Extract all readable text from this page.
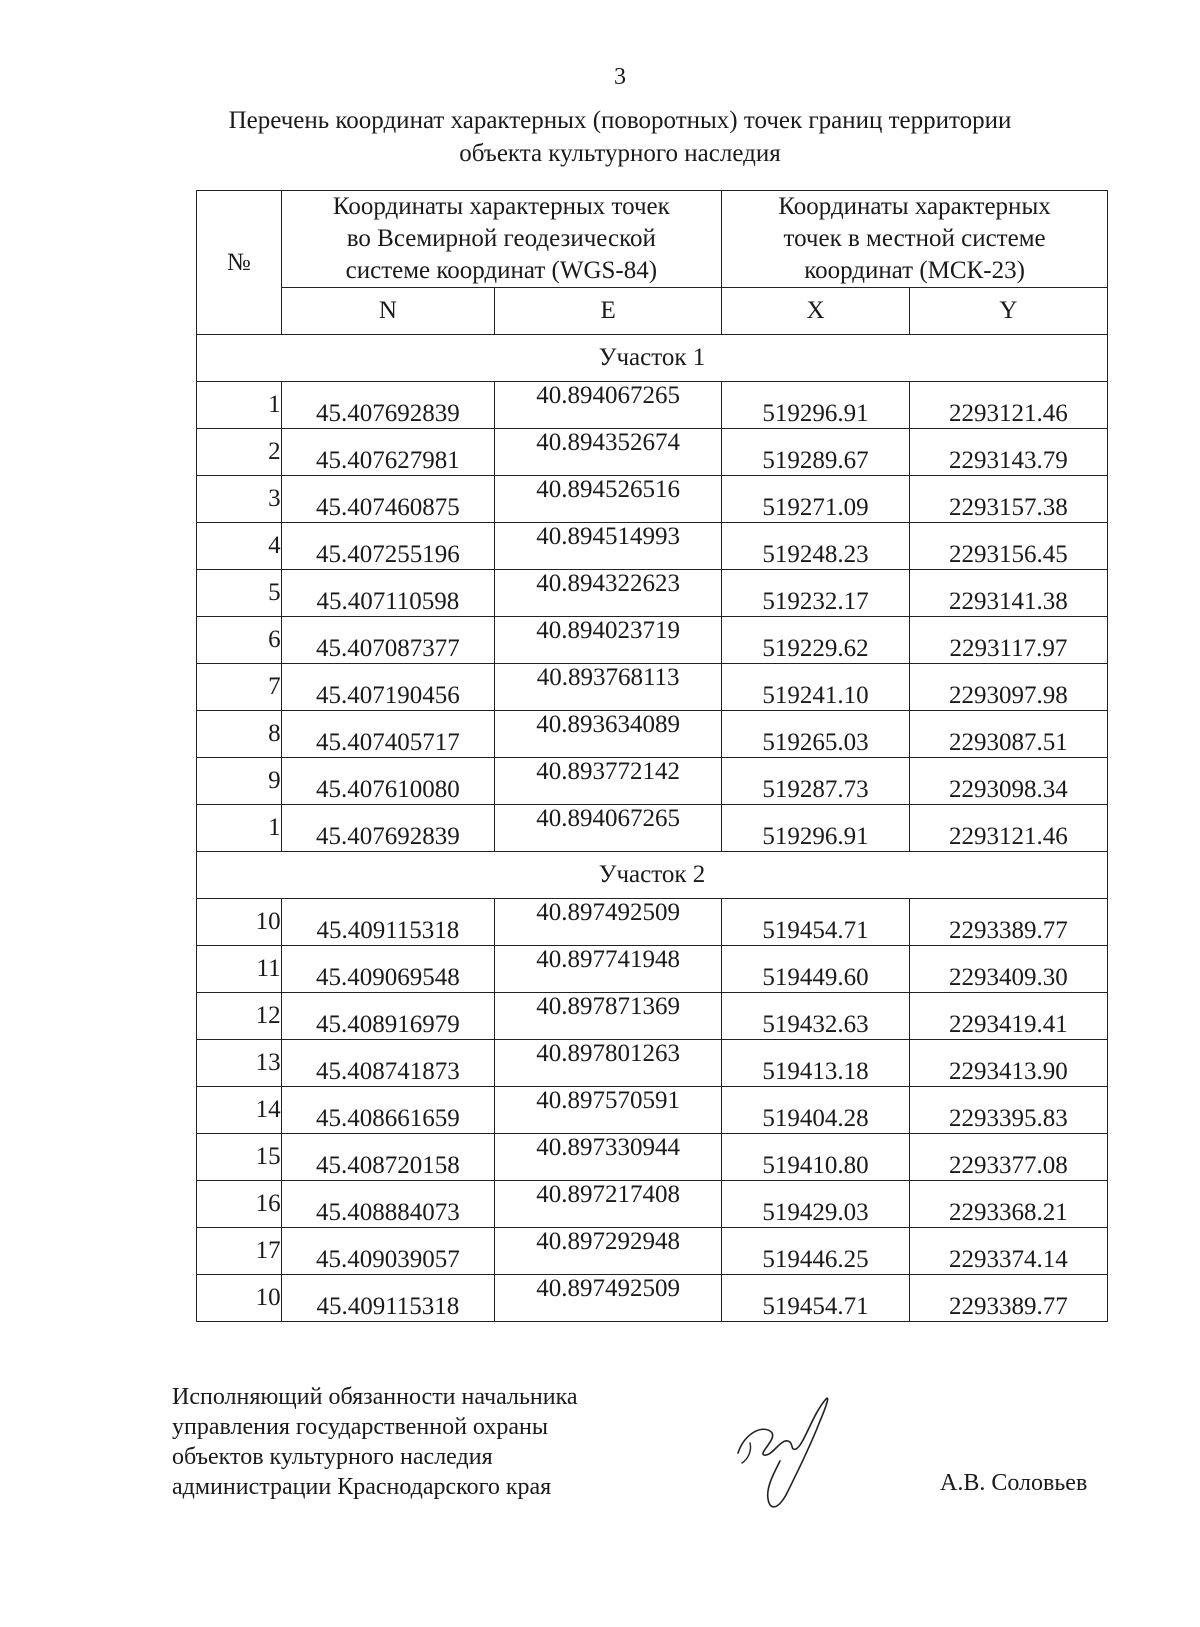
3
Перечень координат характерных (поворотных) точек границ территории
объекта культурного наследия
№	Координаты характерных точек
во Всемирной геодезической
системе координат (WGS-84)		Координаты характерных
точек в местной системе
координат (МСК-23)	

	N	E	X	Y
Участок 1				
1	45.407692839	40.894067265	519296.91	2293121.46
2	45.407627981	40.894352674	519289.67	2293143.79
3	45.407460875	40.894526516	519271.09	2293157.38
4	45.407255196	40.894514993	519248.23	2293156.45
5	45.407110598	40.894322623	519232.17	2293141.38
6	45.407087377	40.894023719	519229.62	2293117.97
7	45.407190456	40.893768113	519241.10	2293097.98
8	45.407405717	40.893634089	519265.03	2293087.51
9	45.407610080	40.893772142	519287.73	2293098.34
1	45.407692839	40.894067265	519296.91	2293121.46
Участок 2				
10	45.409115318	40.897492509	519454.71	2293389.77
11	45.409069548	40.897741948	519449.60	2293409.30
12	45.408916979	40.897871369	519432.63	2293419.41
13	45.408741873	40.897801263	519413.18	2293413.90
14	45.408661659	40.897570591	519404.28	2293395.83
15	45.408720158	40.897330944	519410.80	2293377.08
16	45.408884073	40.897217408	519429.03	2293368.21
17	45.409039057	40.897292948	519446.25	2293374.14
10	45.409115318	40.897492509	519454.71	2293389.77
Исполняющий обязанности начальника
управления государственной охраны
объектов культурного наследия
администрации Краснодарского края	А.В. Соловьев
